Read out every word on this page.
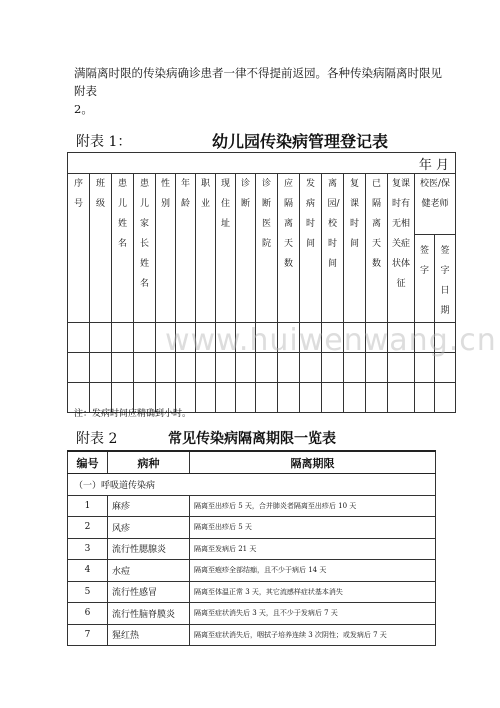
满隔离时限的传染病确诊患者一律不得提前返园。各种传染病隔离时限见附表

2。

附表 1：	幼儿园传染病管理登记表
年 月																	
序号	班级	患儿姓名	患儿家长姓名	性别	年龄	职业	现住址	诊断	诊断医院	应隔离天数	发病时间	离园/校时间	复课时间	已隔离天数	复课时有无相关症状体征	校医/保健老师	
																签字	签字日期

www.huiwenwang.cn
注：发病时间应精确到小时。
附表 2	常见传染病隔离期限一览表
编号	病种	隔离期限
（一）呼吸道传染病		
1	麻疹	隔离至出疹后 5 天，合并肺炎者隔离至出疹后 10 天
2	风疹	隔离至出疹后 5 天
3	流行性腮腺炎	隔离至发病后 21 天
4	水痘	隔离至疱疹全部结痂，且不少于病后 14 天
5	流行性感冒	隔离至体温正常 3 天，其它流感样症状基本消失
6	流行性脑脊膜炎	隔离至症状消失后 3 天，且不少于发病后 7 天
7	猩红热	隔离至症状消失后，咽拭子培养连续 3 次阴性；或发病后 7 天
